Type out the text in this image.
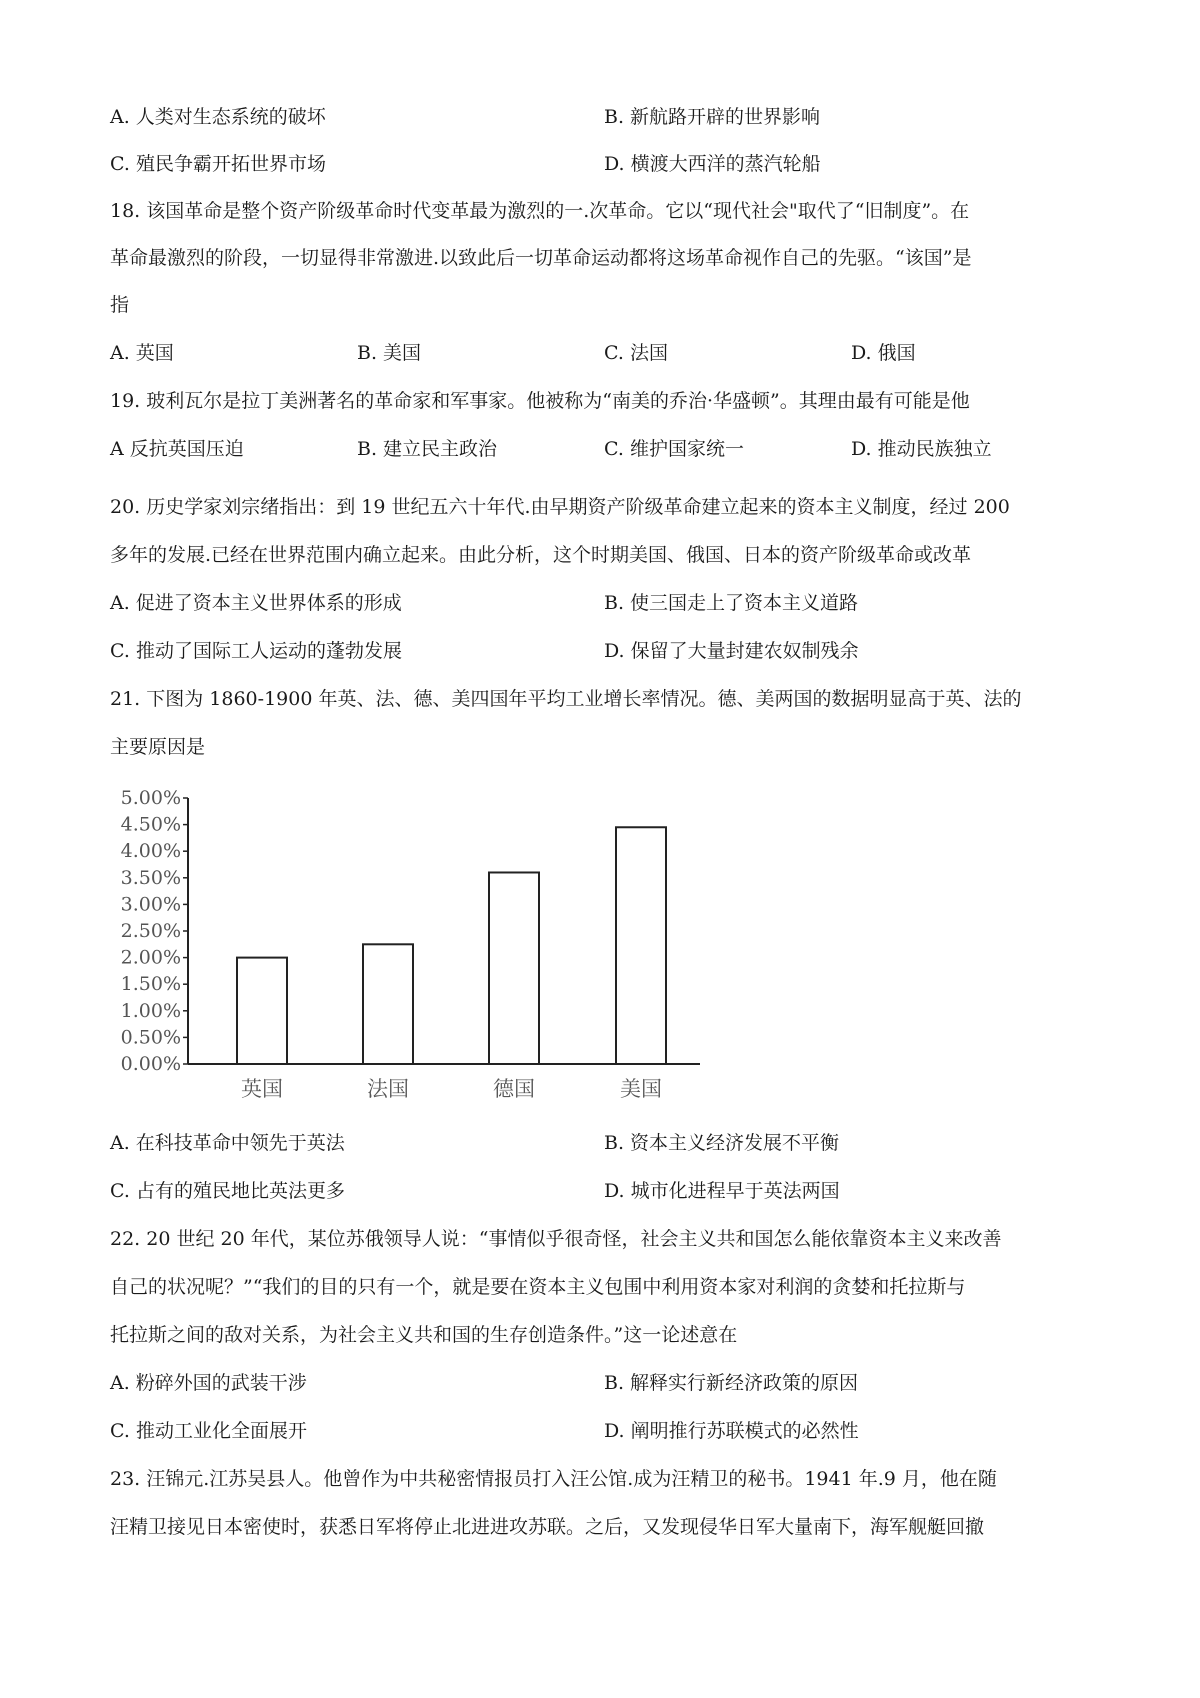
A. 人类对生态系统的破坏	B. 新航路开辟的世界影响
C. 殖民争霸开拓世界市场	D. 横渡大西洋的蒸汽轮船
18. 该国革命是整个资产阶级革命时代变革最为激烈的一.次革命。它以“现代社会"取代了“旧制度”。在
革命最激烈的阶段，一切显得非常激进.以致此后一切革命运动都将这场革命视作自己的先驱。“该国”是
指
A. 英国	B. 美国	C. 法国	D. 俄国
19. 玻利瓦尔是拉丁美洲著名的革命家和军事家。他被称为“南美的乔治·华盛顿”。其理由最有可能是他
A 反抗英国压迫	B. 建立民主政治	C. 维护国家统一	D. 推动民族独立
20. 历史学家刘宗绪指出：到 19 世纪五六十年代.由早期资产阶级革命建立起来的资本主义制度，经过 200
多年的发展.已经在世界范围内确立起来。由此分析，这个时期美国、俄国、日本的资产阶级革命或改革
A. 促进了资本主义世界体系的形成	B. 使三国走上了资本主义道路
C. 推动了国际工人运动的蓬勃发展	D. 保留了大量封建农奴制残余
21. 下图为 1860-1900 年英、法、德、美四国年平均工业增长率情况。德、美两国的数据明显高于英、法的
主要原因是
0.00%
0.50%
1.00%
1.50%
2.00%
2.50%
3.00%
3.50%
4.00%
4.50%
5.00%
英国	法国	德国	美国
A. 在科技革命中领先于英法	B. 资本主义经济发展不平衡
C. 占有的殖民地比英法更多	D. 城市化进程早于英法两国
22. 20 世纪 20 年代，某位苏俄领导人说：“事情似乎很奇怪，社会主义共和国怎么能依靠资本主义来改善
自己的状况呢？”“我们的目的只有一个，就是要在资本主义包围中利用资本家对利润的贪婪和托拉斯与
托拉斯之间的敌对关系，为社会主义共和国的生存创造条件。”这一论述意在
A. 粉碎外国的武装干涉	B. 解释实行新经济政策的原因
C. 推动工业化全面展开	D. 阐明推行苏联模式的必然性
23. 汪锦元.江苏吴县人。他曾作为中共秘密情报员打入汪公馆.成为汪精卫的秘书。1941 年.9 月，他在随
汪精卫接见日本密使时，获悉日军将停止北进进攻苏联。之后，又发现侵华日军大量南下，海军舰艇回撤
